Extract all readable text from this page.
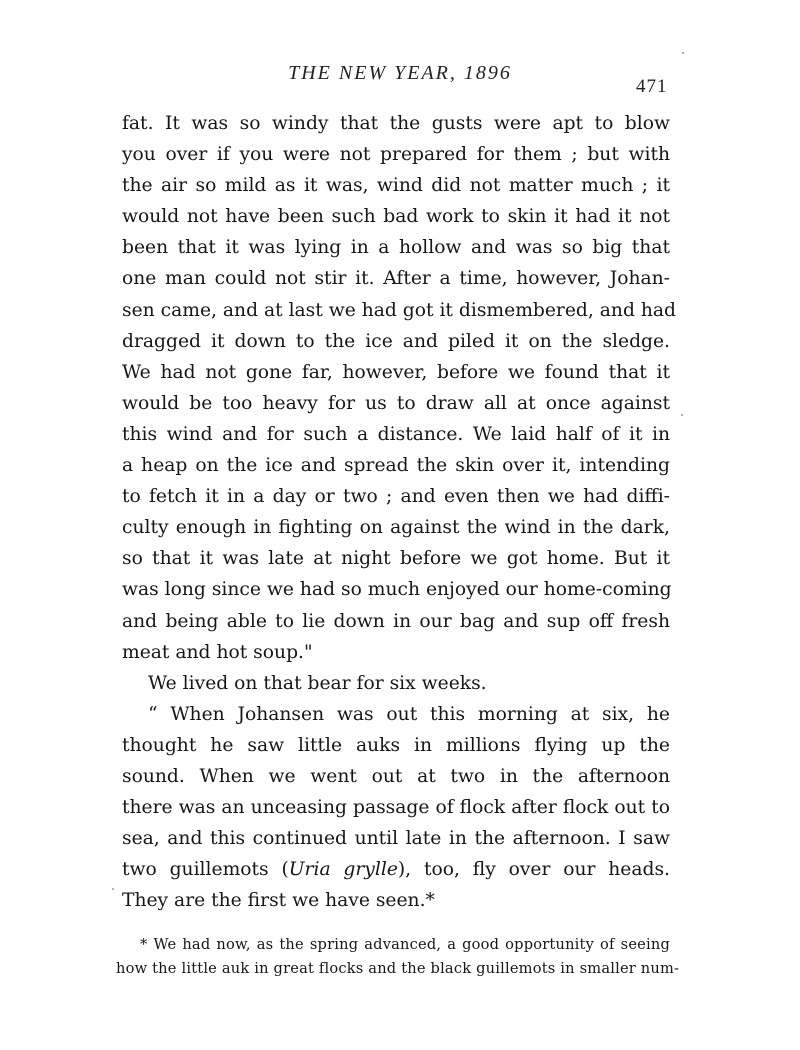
THE NEW YEAR, 1896
471
fat. It was so windy that the gusts were apt to blow
you over if you were not prepared for them ; but with
the air so mild as it was, wind did not matter much ; it
would not have been such bad work to skin it had it not
been that it was lying in a hollow and was so big that
one man could not stir it. After a time, however, Johan-
sen came, and at last we had got it dismembered, and had
dragged it down to the ice and piled it on the sledge.
We had not gone far, however, before we found that it
would be too heavy for us to draw all at once against
this wind and for such a distance. We laid half of it in
a heap on the ice and spread the skin over it, intending
to fetch it in a day or two ; and even then we had diffi-
culty enough in fighting on against the wind in the dark,
so that it was late at night before we got home. But it
was long since we had so much enjoyed our home-coming
and being able to lie down in our bag and sup off fresh
meat and hot soup."
We lived on that bear for six weeks.
“ When Johansen was out this morning at six, he
thought he saw little auks in millions flying up the
sound. When we went out at two in the afternoon
there was an unceasing passage of flock after flock out to
sea, and this continued until late in the afternoon. I saw
two guillemots (Uria grylle), too, fly over our heads.
They are the first we have seen.*
* We had now, as the spring advanced, a good opportunity of seeing
how the little auk in great flocks and the black guillemots in smaller num-
